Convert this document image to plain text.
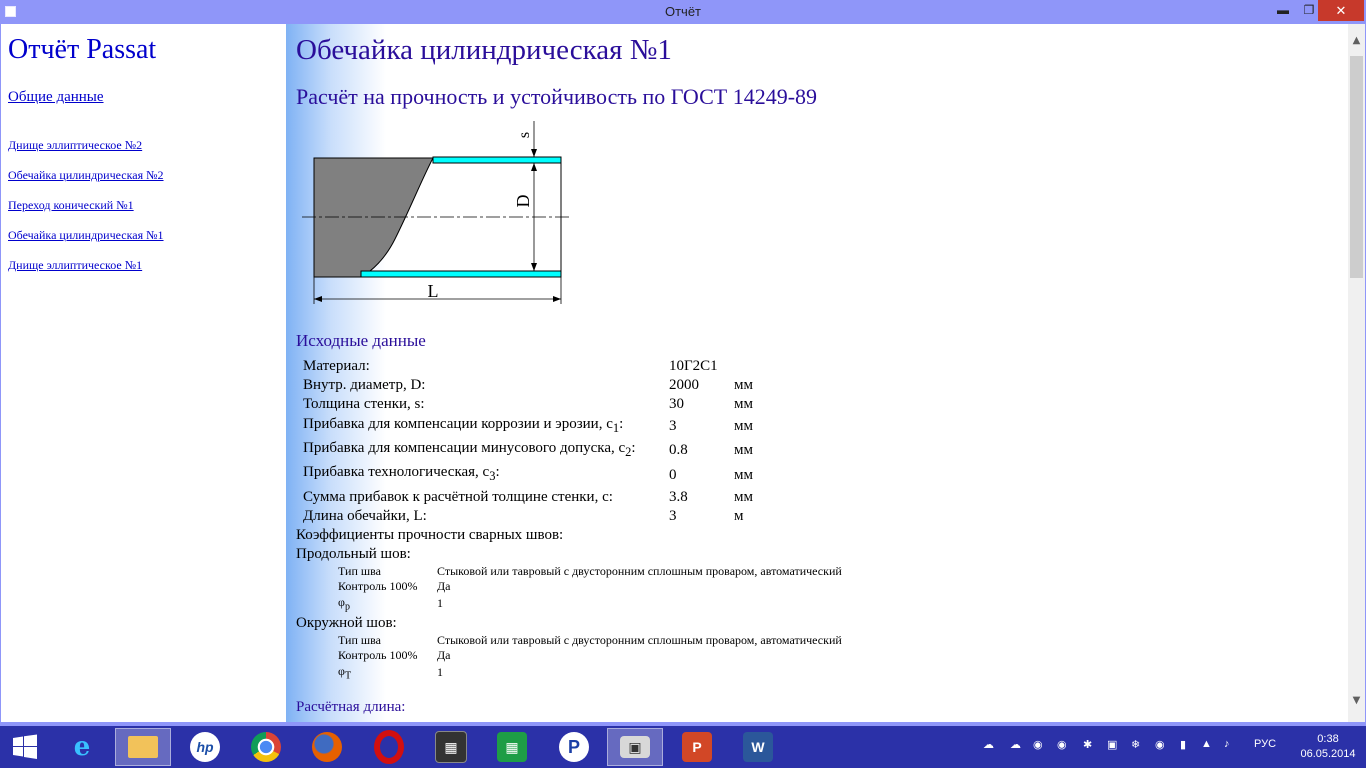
Отчёт	▬	❐	✕
Отчёт Passat
Общие данные
Днище эллиптическое №2
Обечайка цилиндрическая №2
Переход конический №1
Обечайка цилиндрическая №1
Днище эллиптическое №1
Обечайка цилиндрическая №1
Расчёт на прочность и устойчивость по ГОСТ 14249-89
s
D
L
Исходные данные
Материал:	10Г2С1
Внутр. диаметр, D:	2000 мм
Толщина стенки, s:	30	мм
Прибавка для компенсации коррозии и эрозии, $c_1$:	3	мм
Прибавка для компенсации минусового допуска, $c_2$: 0.8	мм
Прибавка технологическая, $c_3$:	0	мм
Сумма прибавок к расчётной толщине стенки, c:	3.8	мм
Длина обечайки, L:	3	м
Коэффициенты прочности сварных швов:
Продольный шов:
Тип шва	Стыковой или тавровый с двусторонним сплошным проваром, автоматический
Контроль 100% Да
$\varphi_р$	1
Окружной шов:
Тип шва	Стыковой или тавровый с двусторонним сплошным проваром, автоматический
Контроль 100% Да
$\varphi_Т$	1
Расчётная длина:
▲
▼
e	hp	▦	▦	P	▣	P	W	☁ ☁ ◉ ◉ ✱ ▣ ❄ ◉ ▮ ▲ ♪ РУС	0:38
06.05.2014
